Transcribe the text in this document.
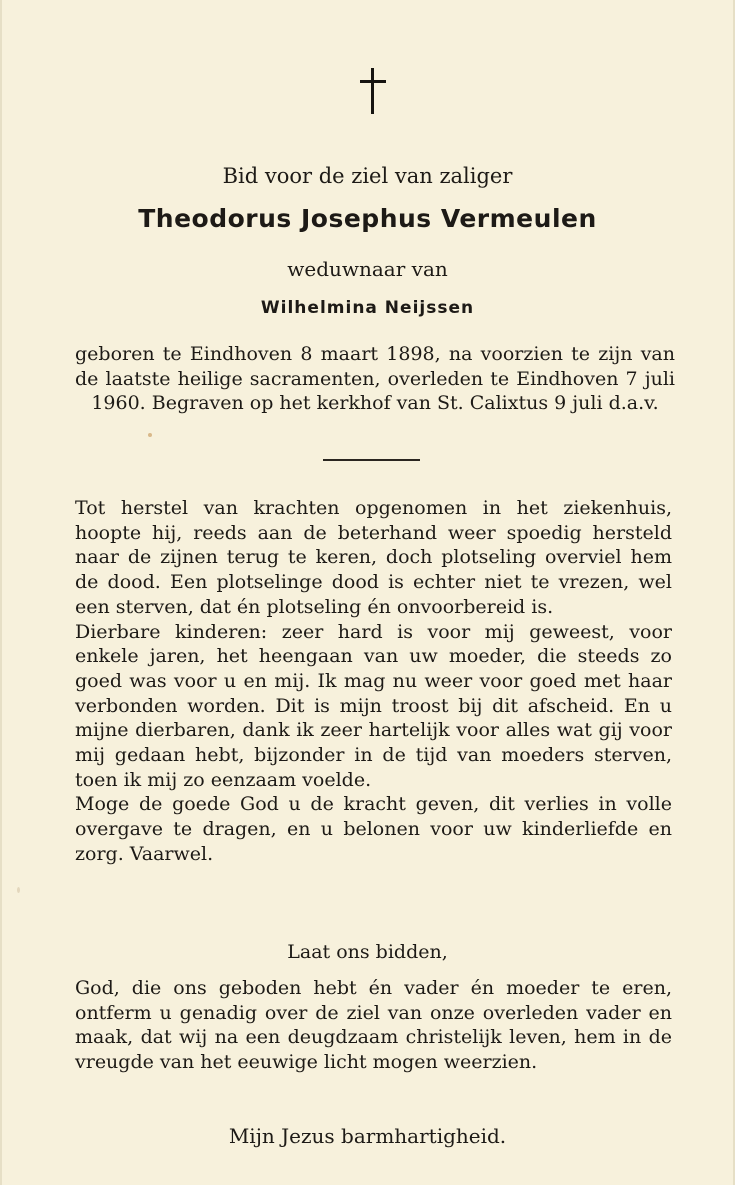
Bid voor de ziel van zaliger
Theodorus Josephus Vermeulen
weduwnaar van
Wilhelmina Neijssen
geboren te Eindhoven 8 maart 1898, na voorzien te zijn van de laatste heilige sacramenten, overleden te Eindhoven 7 juli 1960. Begraven op het kerkhof van St. Calixtus 9 juli d.a.v.
Tot herstel van krachten opgenomen in het ziekenhuis, hoopte hij, reeds aan de beterhand weer spoedig hersteld naar de zijnen terug te keren, doch plotseling overviel hem de dood. Een plotselinge dood is echter niet te vrezen, wel een sterven, dat én plotseling én onvoorbereid is.
Dierbare kinderen: zeer hard is voor mij geweest, voor enkele jaren, het heengaan van uw moeder, die steeds zo goed was voor u en mij. Ik mag nu weer voor goed met haar verbonden worden. Dit is mijn troost bij dit afscheid. En u mijne dierbaren, dank ik zeer hartelijk voor alles wat gij voor mij gedaan hebt, bijzonder in de tijd van moeders sterven, toen ik mij zo eenzaam voelde.
Moge de goede God u de kracht geven, dit verlies in volle overgave te dragen, en u belonen voor uw kinderliefde en zorg. Vaarwel.
Laat ons bidden,
God, die ons geboden hebt én vader én moeder te eren, ontferm u genadig over de ziel van onze overleden vader en maak, dat wij na een deugdzaam christelijk leven, hem in de vreugde van het eeuwige licht mogen weerzien.
Mijn Jezus barmhartigheid.
